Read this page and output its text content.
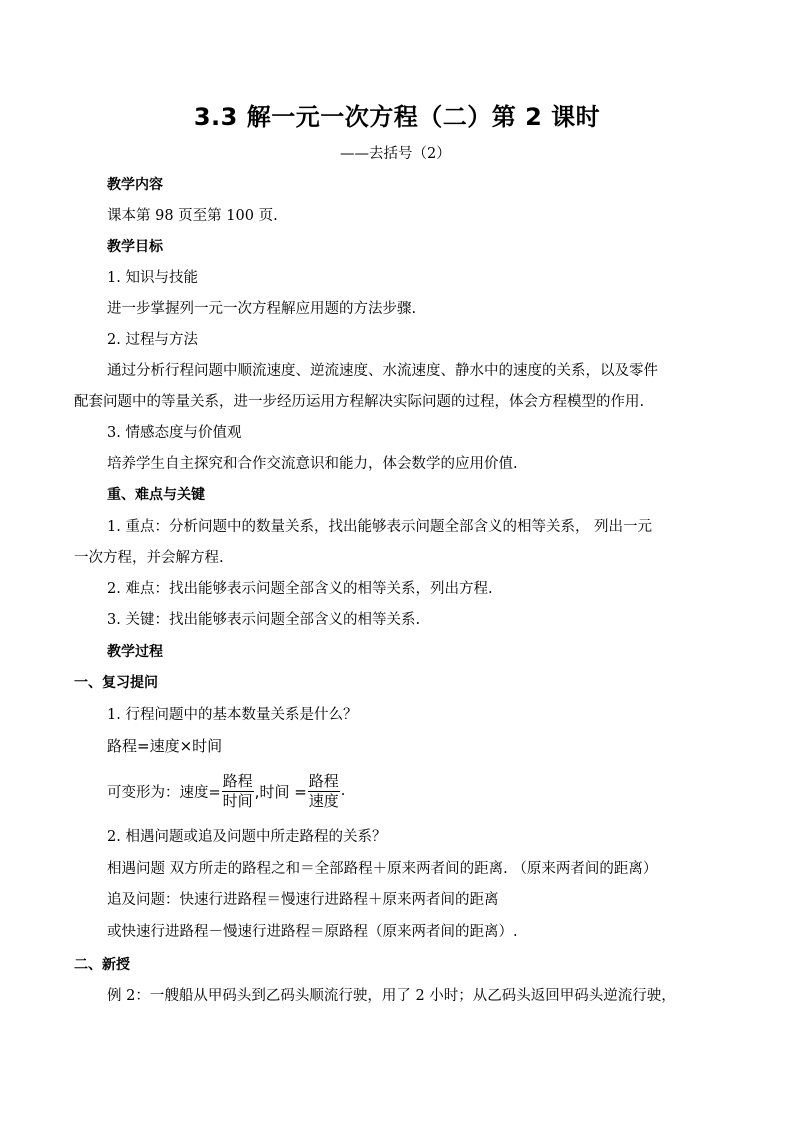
3.3 解一元一次方程（二）第 2 课时
——去括号（2）
教学内容
课本第 98 页至第 100 页.
教学目标
1. 知识与技能
进一步掌握列一元一次方程解应用题的方法步骤.
2. 过程与方法
通过分析行程问题中顺流速度、逆流速度、水流速度、静水中的速度的关系，以及零件
配套问题中的等量关系，进一步经历运用方程解决实际问题的过程，体会方程模型的作用.
3. 情感态度与价值观
培养学生自主探究和合作交流意识和能力，体会数学的应用价值.
重、难点与关键
1. 重点：分析问题中的数量关系，找出能够表示问题全部含义的相等关系， 列出一元
一次方程，并会解方程.
2. 难点：找出能够表示问题全部含义的相等关系，列出方程.
3. 关键：找出能够表示问题全部含义的相等关系.
教学过程
一、复习提问
1. 行程问题中的基本数量关系是什么？
路程=速度×时间
可变形为：速度= $\frac{\text{路程}}{\text{时间}}$ ,时间 = $\frac{\text{路程}}{\text{速度}}$ .
2. 相遇问题或追及问题中所走路程的关系？
相遇问题 双方所走的路程之和＝全部路程＋原来两者间的距离. （原来两者间的距离）
追及问题：快速行进路程＝慢速行进路程＋原来两者间的距离
或快速行进路程－慢速行进路程＝原路程（原来两者间的距离）.
二、新授
例 2：一艘船从甲码头到乙码头顺流行驶，用了 2 小时；从乙码头返回甲码头逆流行驶，
